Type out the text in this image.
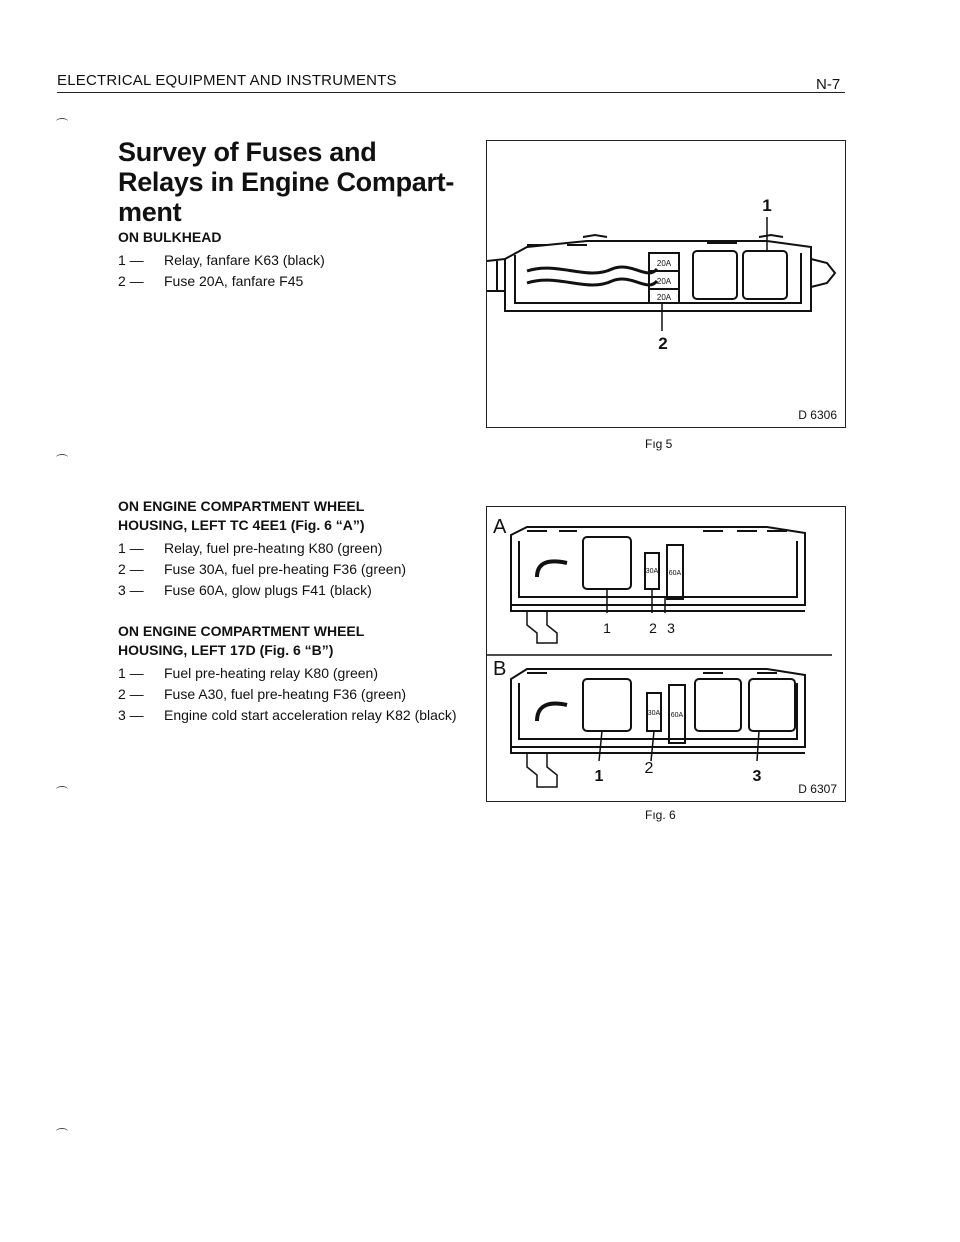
ELECTRICAL EQUIPMENT AND INSTRUMENTS	N-7
Survey of Fuses and
Relays in Engine Compart-
ment
ON BULKHEAD
1 —	Relay, fanfare K63 (black)
2 —	Fuse 20A, fanfare F45
ON ENGINE COMPARTMENT WHEEL
HOUSING, LEFT TC 4EE1 (Fig. 6 “A”)
1 —	Relay, fuel pre-heatıng K80 (green)
2 —	Fuse 30A, fuel pre-heating F36 (green)
3 —	Fuse 60A, glow plugs F41 (black)
ON ENGINE COMPARTMENT WHEEL
HOUSING, LEFT 17D (Fig. 6 “B”)
1 —	Fuel pre-heating relay K80 (green)
2 —	Fuse A30, fuel pre-heatıng F36 (green)
3 —	Engine cold start acceleration relay K82 (black)
20A
20A
20A
1
2
D 6306
Fıg 5
30A 60A
A
1	2 3
30A 60A
B
1	2	3
D 6307
Fıg. 6
